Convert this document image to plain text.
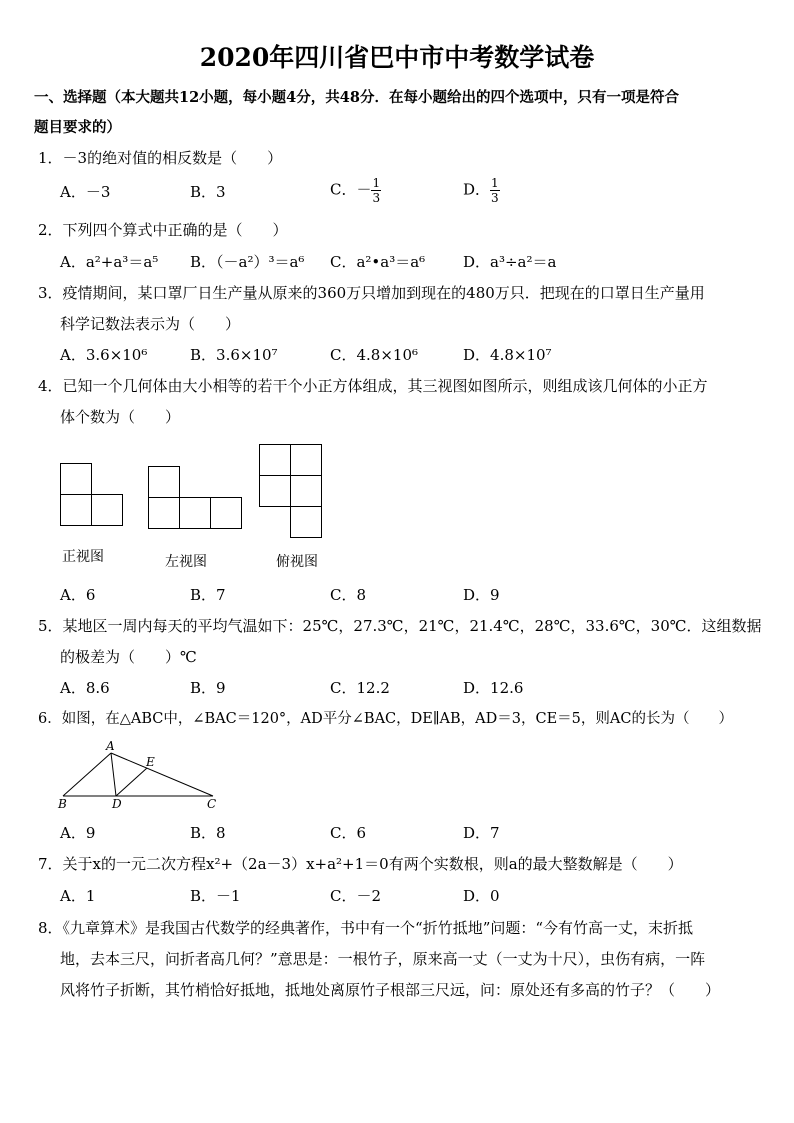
2020年四川省巴中市中考数学试卷
一、选择题（本大题共12小题，每小题4分，共48分．在每小题给出的四个选项中，只有一项是符合
题目要求的）
1．－3的绝对值的相反数是（　　）
A．－3	B．3	C．－ $\frac{1}{3}$	D． $\frac{1}{3}$
2．下列四个算式中正确的是（　　）
A．a²+a³＝a⁵ B．（－a²）³＝a⁶ C．a²•a³＝a⁶	D．a³÷a²＝a
3．疫情期间，某口罩厂日生产量从原来的360万只增加到现在的480万只．把现在的口罩日生产量用
科学记数法表示为（　　）
A．3.6×10⁶	B．3.6×10⁷	C．4.8×10⁶	D．4.8×10⁷
4．已知一个几何体由大小相等的若干个小正方体组成，其三视图如图所示，则组成该几何体的小正方
体个数为（　　）
正视图	左视图	俯视图
A．6	B．7	C．8	D．9
5．某地区一周内每天的平均气温如下：25℃，27.3℃，21℃，21.4℃，28℃，33.6℃，30℃．这组数据
的极差为（　　）℃
A．8.6	B．9	C．12.2	D．12.6
6．如图，在△ABC中，∠BAC＝120°，AD平分∠BAC，DE∥AB，AD＝3，CE＝5，则AC的长为（　　）
A
B	C
D
E
A．9	B．8	C．6	D．7
7．关于x的一元二次方程x²+（2a－3）x+a²+1＝0有两个实数根，则a的最大整数解是（　　）
A．1	B．－1	C．－2	D．0
8．《九章算术》是我国古代数学的经典著作，书中有一个“折竹抵地”问题：“今有竹高一丈，末折抵
地，去本三尺，问折者高几何？”意思是：一根竹子，原来高一丈（一丈为十尺），虫伤有病，一阵
风将竹子折断，其竹梢恰好抵地，抵地处离原竹子根部三尺远，问：原处还有多高的竹子？（　　）
